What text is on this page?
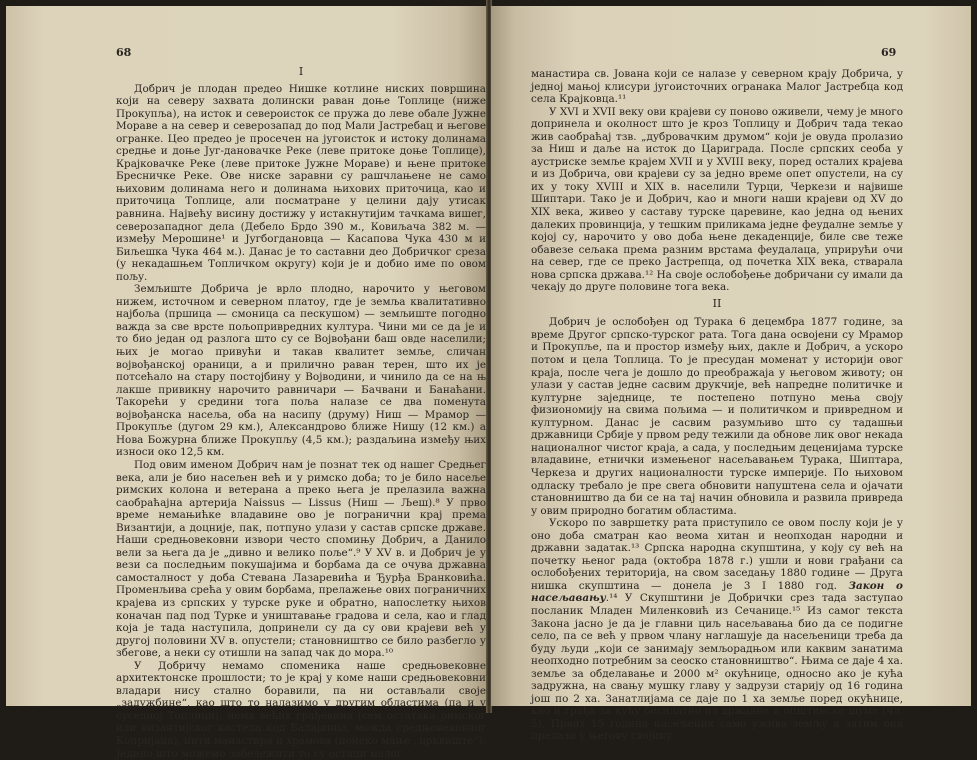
68
I

Добрич је плодан предео Нишке котлине ниских површина који на северу захвата долински раван доње Топлице (ниже Прокупља), на исток и североисток се пружа до леве обале Јужне Мораве а на север и северозапад до под Мали Јастребац и његове огранке. Цео предео је просечен на југоисток и истоку долинама средње и доње Југ-дановачке Реке (леве притоке доње Топлице), Крајковачке Реке (леве притоке Јужне Мораве) и њене притоке Бресничке Реке. Ове ниске заравни су рашчлањене не само њиховим долинама него и долинама њихових приточица, као и приточица Топлице, али посматране у целини дају утисак равнина. Највећу висину достижу у истакнутијим тачкама вишег, северозападног дела (Дебело Брдо 390 м., Ковиљача 382 м. — између Мерошине¹ и Југбогдановца — Касапова Чука 430 м и Биљешка Чука 464 м.). Данас је то саставни део Добричког среза (у некадашњем Топличком округу) који је и добио име по овом пољу.

Земљиште Добрича је врло плодно, нарочито у његовом нижем, источном и северном платоу, где је земља квалитативно најбоља (пршица — смоница са пескушом) — земљиште погодно важда за све врсте пољопривредних културa. Чини ми се да је и то био један од разлога што су се Војвођани баш овде населили; њих је могао привући и такав квалитет земље, сличан војвођанској ораници, а и прилично раван терен, што их је потсећало на стару постојбину у Војводини, и чинило да се на њ лакше привикну нарочито равничари — Бачвани и Банаћани. Такорећи у средини тога поља налазе се два поменута војвођанска насеља, оба на насипу (друму) Ниш — Мрамор — Прокупље (дугом 29 км.), Александрово ближе Нишу (12 км.) а Нова Божурна ближе Прокупљу (4,5 км.); раздаљина између њих износи око 12,5 км.

Под овим именом Добрич нам је познат тек од нашег Средњег века, али је био насељен већ и у римско доба; то је било насеље римских колона и ветерана а преко њега је прелазила важна саобраћајна артерија Naissus — Lissus (Ниш — Љеш).⁸ У прво време немањићке владавине ово је погранични крај према Византији, а доцније, пак, потпуно улази у састав српске државе. Наши средњовековни извори често спомињу Добрич, а Данило вели за њега да је „дивно и велико поље“.⁹ У XV в. и Добрич је у вези са последњим покушајима и борбама да се очува државна самосталност у доба Стевана Лазаревића и Ђурђа Бранковића. Променљива срећа у овим борбама, прелажење ових пограничних крајева из српских у турске руке и обратно, напослетку њихов коначан пад под Турке и уништавање градова и села, као и глад која је тада наступила, допринели су да су ови крајеви већ у другој половини XV в. опустели; становништво се било разбегло у збегове, а неки су отишли на запад чак до мора.¹⁰

У Добричу немамо споменика наше средњовековне архитектонске прошлости; то је крај у коме наши средњовековни владари нису стално боравили, па ни остављали своје „задужбине“, као што то налазимо у другим областима (па и у суседној Топлици); нема већих грађевина (сем остатака римског или византијског кастела код Балајинца, можда средњовековног Копријана), нити манастира и храмова (понеко мање „црквиште“). Једино што можемо забележити то су остаци малог

69

манастира св. Јована који се налазе у северном крају Добрича, у једној мањој клисури југоисточних огранака Малог Јастребца код села Крајковца.¹¹

У XVI и XVII веку ови крајеви су поново оживели, чему је много допринела и околност што је кроз Топлицу и Добрич тада текао жив саобраћај тзв. „дубровачким друмом“ који је овуда пролазио за Ниш и даље на исток до Цариграда. После српских сеоба у аустриске земље крајем XVII и у XVIII веку, поред осталих крајева и из Добрича, ови крајеви су за једно време опет опустели, на су их у току XVIII и XIX в. населили Турци, Черкези и највише Шиптари. Тако је и Добрич, као и многи наши крајеви од XV до XIX века, живео у саставу турске царевине, као једна од њених далеких провинција, у тешким приликама једне феудалне земље у којој су, нарочито у ово доба њене декаденције, биле све теже обавезе сељака према разним врстама феудалаца, уприрући очи на север, где се преко Јастрепца, од почетка XIX века, стварала нова српска држава.¹² На своје ослобођење добричани су имали да чекају до друге половине тога века.

II

Добрич је ослобођен од Турака 6 децембра 1877 године, за време Другог српско-турског рата. Тога дана освојени су Мрамор и Прокупље, па и простор између њих, дакле и Добрич, а ускоро потом и цела Топлица. То је пресудан моменат у историји овог краја, после чега је дошло до преображаја у његовом животу; он улази у састав једне сасвим друкчије, већ напредне политичке и културне заједнице, те постепено потпуно мења своју физиономију на свима пољима — и политичком и привредном и културном. Данас је сасвим разумљиво што су тадашњи државници Србије у првом реду тежили да обнове лик овог некада националног чистог краја, а сада, у последњим деценијама турске владавине, етнички измењеног насељавањем Турака, Шиптара, Черкеза и других националности турске империје. По њиховом одласку требало је пре свега обновити напуштена села и ојачати становништво да би се на тај начин обновила и развила привреда у овим природно богатим областима.

Ускоро по завршетку рата приступило се овом послу који је у оно доба сматран као веома хитан и неопходан народни и државни задатак.¹³ Српска народна скупштина, у коју су већ на почетку њеног рада (октобра 1878 г.) ушли и нови грађани са ослобођених територија, на свом заседању 1880 године — Друга нишка скупштина — донела је 3 I 1880 год. Закон о насељавању.¹⁴ У Скупштини је Добрички срез тада заступао посланик Младен Миленковић из Сечанице.¹⁵ Из самог текста Закона јасно је да је главни циљ насељавања био да се подигне село, па се већ у првом члану наглашује да насељеници треба да буду људи „који се занимају земљорадњом или каквим занатима неопходно потребним за сеоско становништво“. Њима се даје 4 ха. земље за обделавање и 2000 м² окућнице, односно ако је кућа задружна, на свању мушку главу у задрузи старију од 16 година још по 2 ха. Занатлијама се даје по 1 ха земље поред окућнице, као и грађа за кућу бесплатно из државне и општинске шуме (чл. 5). Првих 15 година насељеник само ужива земљу а затим она прелази у његову својину
